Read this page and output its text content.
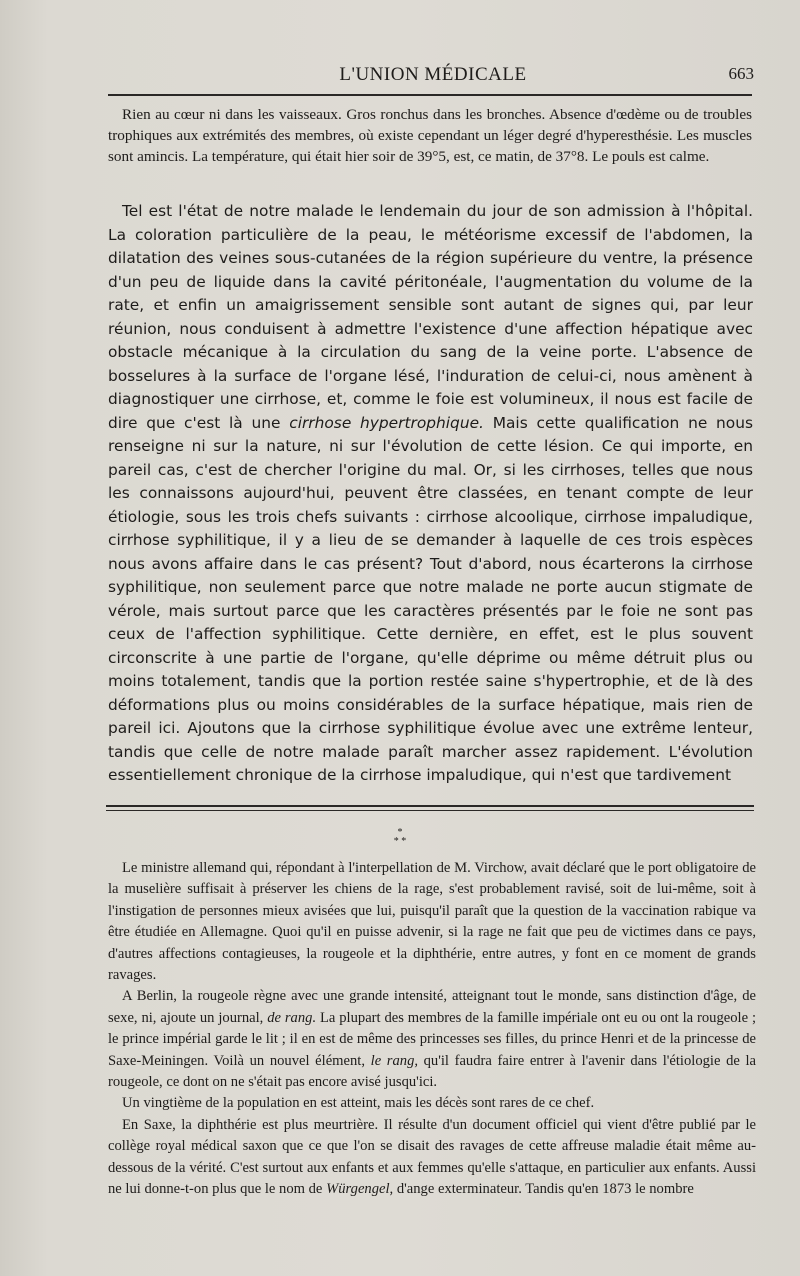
L'UNION MÉDICALE	663

Rien au cœur ni dans les vaisseaux. Gros ronchus dans les bronches. Absence d'œdème ou de troubles trophiques aux extrémités des membres, où existe cependant un léger degré d'hyperesthésie. Les muscles sont amincis. La température, qui était hier soir de 39°5, est, ce matin, de 37°8. Le pouls est calme.

Tel est l'état de notre malade le lendemain du jour de son admission à l'hôpital. La coloration particulière de la peau, le météorisme excessif de l'abdomen, la dilatation des veines sous-cutanées de la région supérieure du ventre, la présence d'un peu de liquide dans la cavité péritonéale, l'augmentation du volume de la rate, et enfin un amaigrissement sensible sont autant de signes qui, par leur réunion, nous conduisent à admettre l'existence d'une affection hépatique avec obstacle mécanique à la circulation du sang de la veine porte. L'absence de bosselures à la surface de l'organe lésé, l'induration de celui-ci, nous amènent à diagnostiquer une cirrhose, et, comme le foie est volumineux, il nous est facile de dire que c'est là une cirrhose hypertrophique. Mais cette qualification ne nous renseigne ni sur la nature, ni sur l'évolution de cette lésion. Ce qui importe, en pareil cas, c'est de chercher l'origine du mal. Or, si les cirrhoses, telles que nous les connaissons aujourd'hui, peuvent être classées, en tenant compte de leur étiologie, sous les trois chefs suivants : cirrhose alcoolique, cirrhose impaludique, cirrhose syphilitique, il y a lieu de se demander à laquelle de ces trois espèces nous avons affaire dans le cas présent? Tout d'abord, nous écarterons la cirrhose syphilitique, non seulement parce que notre malade ne porte aucun stigmate de vérole, mais surtout parce que les caractères présentés par le foie ne sont pas ceux de l'affection syphilitique. Cette dernière, en effet, est le plus souvent circonscrite à une partie de l'organe, qu'elle déprime ou même détruit plus ou moins totalement, tandis que la portion restée saine s'hypertrophie, et de là des déformations plus ou moins considérables de la surface hépatique, mais rien de pareil ici. Ajoutons que la cirrhose syphilitique évolue avec une extrême lenteur, tandis que celle de notre malade paraît marcher assez rapidement. L'évolution essentiellement chronique de la cirrhose impaludique, qui n'est que tardivement

*
* *

Le ministre allemand qui, répondant à l'interpellation de M. Virchow, avait déclaré que le port obligatoire de la muselière suffisait à préserver les chiens de la rage, s'est probablement ravisé, soit de lui-même, soit à l'instigation de personnes mieux avisées que lui, puisqu'il paraît que la question de la vaccination rabique va être étudiée en Allemagne. Quoi qu'il en puisse advenir, si la rage ne fait que peu de victimes dans ce pays, d'autres affections contagieuses, la rougeole et la diphthérie, entre autres, y font en ce moment de grands ravages.

A Berlin, la rougeole règne avec une grande intensité, atteignant tout le monde, sans distinction d'âge, de sexe, ni, ajoute un journal, de rang. La plupart des membres de la famille impériale ont eu ou ont la rougeole ; le prince impérial garde le lit ; il en est de même des princesses ses filles, du prince Henri et de la princesse de Saxe-Meiningen. Voilà un nouvel élément, le rang, qu'il faudra faire entrer à l'avenir dans l'étiologie de la rougeole, ce dont on ne s'était pas encore avisé jusqu'ici.

Un vingtième de la population en est atteint, mais les décès sont rares de ce chef.

En Saxe, la diphthérie est plus meurtrière. Il résulte d'un document officiel qui vient d'être publié par le collège royal médical saxon que ce que l'on se disait des ravages de cette affreuse maladie était même au-dessous de la vérité. C'est surtout aux enfants et aux femmes qu'elle s'attaque, en particulier aux enfants. Aussi ne lui donne-t-on plus que le nom de Würgengel, d'ange exterminateur. Tandis qu'en 1873 le nombre
